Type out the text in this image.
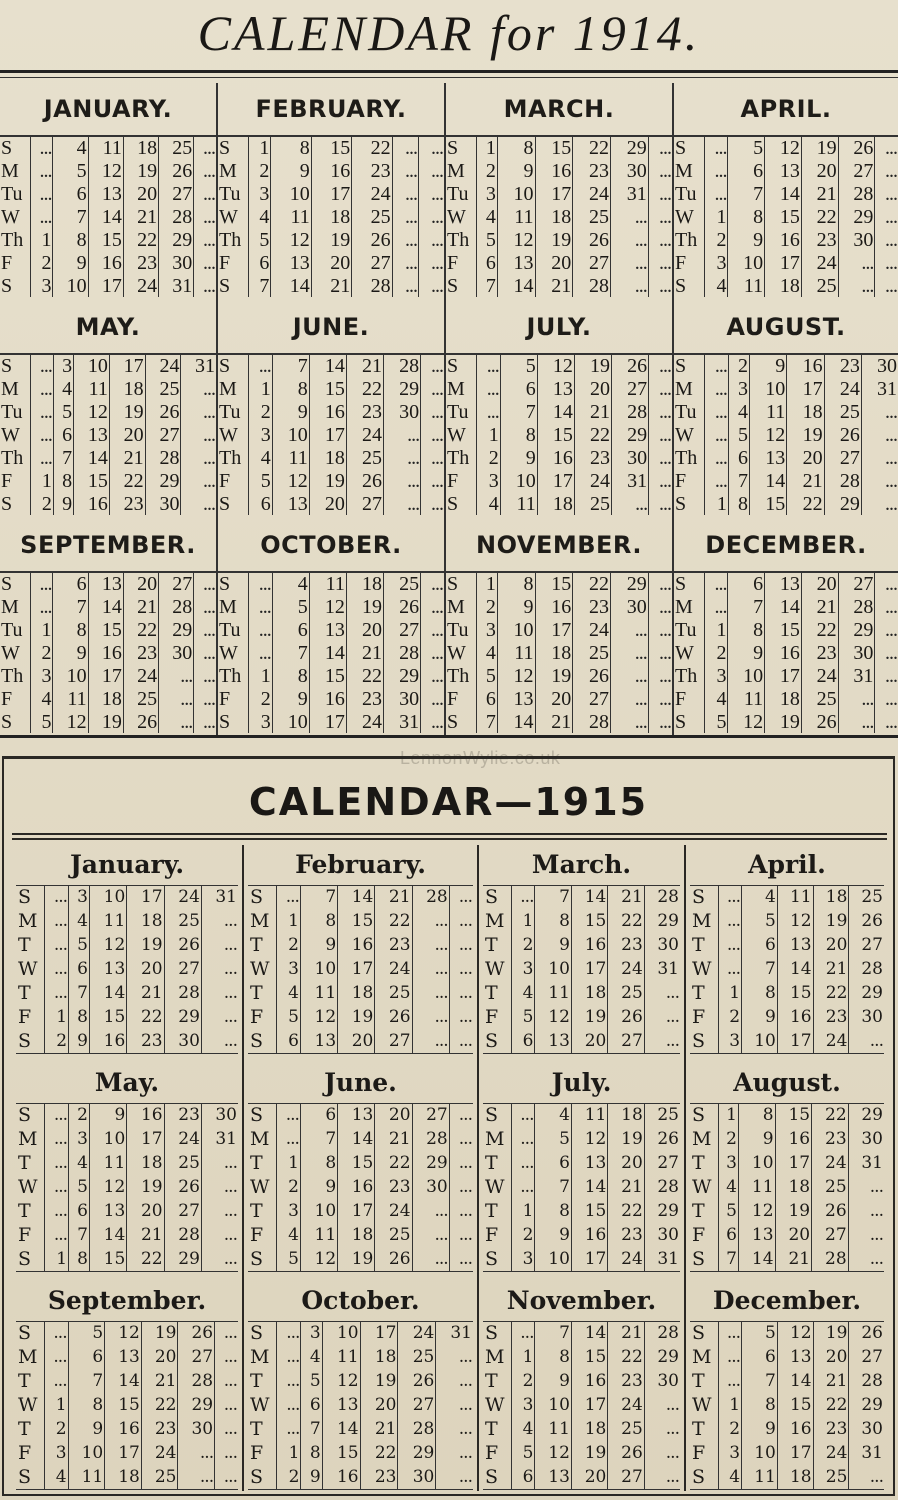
CALENDAR for 1914.
JANUARY.
S	...	4	11	18	25	...
M	...	5	12	19	26	...
Tu	...	6	13	20	27	...
W	...	7	14	21	28	...
Th	1	8	15	22	29	...
F	2	9	16	23	30	...
S	3	10	17	24	31	...
FEBRUARY.
S	1	8	15	22	...	...
M	2	9	16	23	...	...
Tu	3	10	17	24	...	...
W	4	11	18	25	...	...
Th	5	12	19	26	...	...
F	6	13	20	27	...	...
S	7	14	21	28	...	...
MARCH.
S	1	8	15	22	29	...
M	2	9	16	23	30	...
Tu	3	10	17	24	31	...
W	4	11	18	25	...	...
Th	5	12	19	26	...	...
F	6	13	20	27	...	...
S	7	14	21	28	...	...
APRIL.
S	...	5	12	19	26	...
M	...	6	13	20	27	...
Tu	...	7	14	21	28	...
W	1	8	15	22	29	...
Th	2	9	16	23	30	...
F	3	10	17	24	...	...
S	4	11	18	25	...	...
MAY.
S	...	3	10	17	24	31
M	...	4	11	18	25	...
Tu	...	5	12	19	26	...
W	...	6	13	20	27	...
Th	...	7	14	21	28	...
F	1	8	15	22	29	...
S	2	9	16	23	30	...
JUNE.
S	...	7	14	21	28	...
M	1	8	15	22	29	...
Tu	2	9	16	23	30	...
W	3	10	17	24	...	...
Th	4	11	18	25	...	...
F	5	12	19	26	...	...
S	6	13	20	27	...	...
JULY.
S	...	5	12	19	26	...
M	...	6	13	20	27	...
Tu	...	7	14	21	28	...
W	1	8	15	22	29	...
Th	2	9	16	23	30	...
F	3	10	17	24	31	...
S	4	11	18	25	...	...
AUGUST.
S	...	2	9	16	23	30
M	...	3	10	17	24	31
Tu	...	4	11	18	25	...
W	...	5	12	19	26	...
Th	...	6	13	20	27	...
F	...	7	14	21	28	...
S	1	8	15	22	29	...
SEPTEMBER.
S	...	6	13	20	27	...
M	...	7	14	21	28	...
Tu	1	8	15	22	29	...
W	2	9	16	23	30	...
Th	3	10	17	24	...	...
F	4	11	18	25	...	...
S	5	12	19	26	...	...
OCTOBER.
S	...	4	11	18	25	...
M	...	5	12	19	26	...
Tu	...	6	13	20	27	...
W	...	7	14	21	28	...
Th	1	8	15	22	29	...
F	2	9	16	23	30	...
S	3	10	17	24	31	...
NOVEMBER.
S	1	8	15	22	29	...
M	2	9	16	23	30	...
Tu	3	10	17	24	...	...
W	4	11	18	25	...	...
Th	5	12	19	26	...	...
F	6	13	20	27	...	...
S	7	14	21	28	...	...
DECEMBER.
S	...	6	13	20	27	...
M	...	7	14	21	28	...
Tu	1	8	15	22	29	...
W	2	9	16	23	30	...
Th	3	10	17	24	31	...
F	4	11	18	25	...	...
S	5	12	19	26	...	...
LennonWylie.co.uk
CALENDAR—1915
January.
S	...	3	10	17	24	31
M	...	4	11	18	25	...
T	...	5	12	19	26	...
W	...	6	13	20	27	...
T	...	7	14	21	28	...
F	1	8	15	22	29	...
S	2	9	16	23	30	...
February.
S	...	7	14	21	28	...
M	1	8	15	22	...	...
T	2	9	16	23	...	...
W	3	10	17	24	...	...
T	4	11	18	25	...	...
F	5	12	19	26	...	...
S	6	13	20	27	...	...
March.
S	...	7	14	21	28
M	1	8	15	22	29
T	2	9	16	23	30
W	3	10	17	24	31
T	4	11	18	25	...
F	5	12	19	26	...
S	6	13	20	27	...
April.
S	...	4	11	18	25
M	...	5	12	19	26
T	...	6	13	20	27
W	...	7	14	21	28
T	1	8	15	22	29
F	2	9	16	23	30
S	3	10	17	24	...
May.
S	...	2	9	16	23	30
M	...	3	10	17	24	31
T	...	4	11	18	25	...
W	...	5	12	19	26	...
T	...	6	13	20	27	...
F	...	7	14	21	28	...
S	1	8	15	22	29	...
June.
S	...	6	13	20	27	...
M	...	7	14	21	28	...
T	1	8	15	22	29	...
W	2	9	16	23	30	...
T	3	10	17	24	...	...
F	4	11	18	25	...	...
S	5	12	19	26	...	...
July.
S	...	4	11	18	25
M	...	5	12	19	26
T	...	6	13	20	27
W	...	7	14	21	28
T	1	8	15	22	29
F	2	9	16	23	30
S	3	10	17	24	31
August.
S	1	8	15	22	29
M	2	9	16	23	30
T	3	10	17	24	31
W	4	11	18	25	...
T	5	12	19	26	...
F	6	13	20	27	...
S	7	14	21	28	...
September.
S	...	5	12	19	26	...
M	...	6	13	20	27	...
T	...	7	14	21	28	...
W	1	8	15	22	29	...
T	2	9	16	23	30	...
F	3	10	17	24	...	...
S	4	11	18	25	...	...
October.
S	...	3	10	17	24	31
M	...	4	11	18	25	...
T	...	5	12	19	26	...
W	...	6	13	20	27	...
T	...	7	14	21	28	...
F	1	8	15	22	29	...
S	2	9	16	23	30	...
November.
S	...	7	14	21	28
M	1	8	15	22	29
T	2	9	16	23	30
W	3	10	17	24	...
T	4	11	18	25	...
F	5	12	19	26	...
S	6	13	20	27	...
December.
S	...	5	12	19	26
M	...	6	13	20	27
T	...	7	14	21	28
W	1	8	15	22	29
T	2	9	16	23	30
F	3	10	17	24	31
S	4	11	18	25	...
